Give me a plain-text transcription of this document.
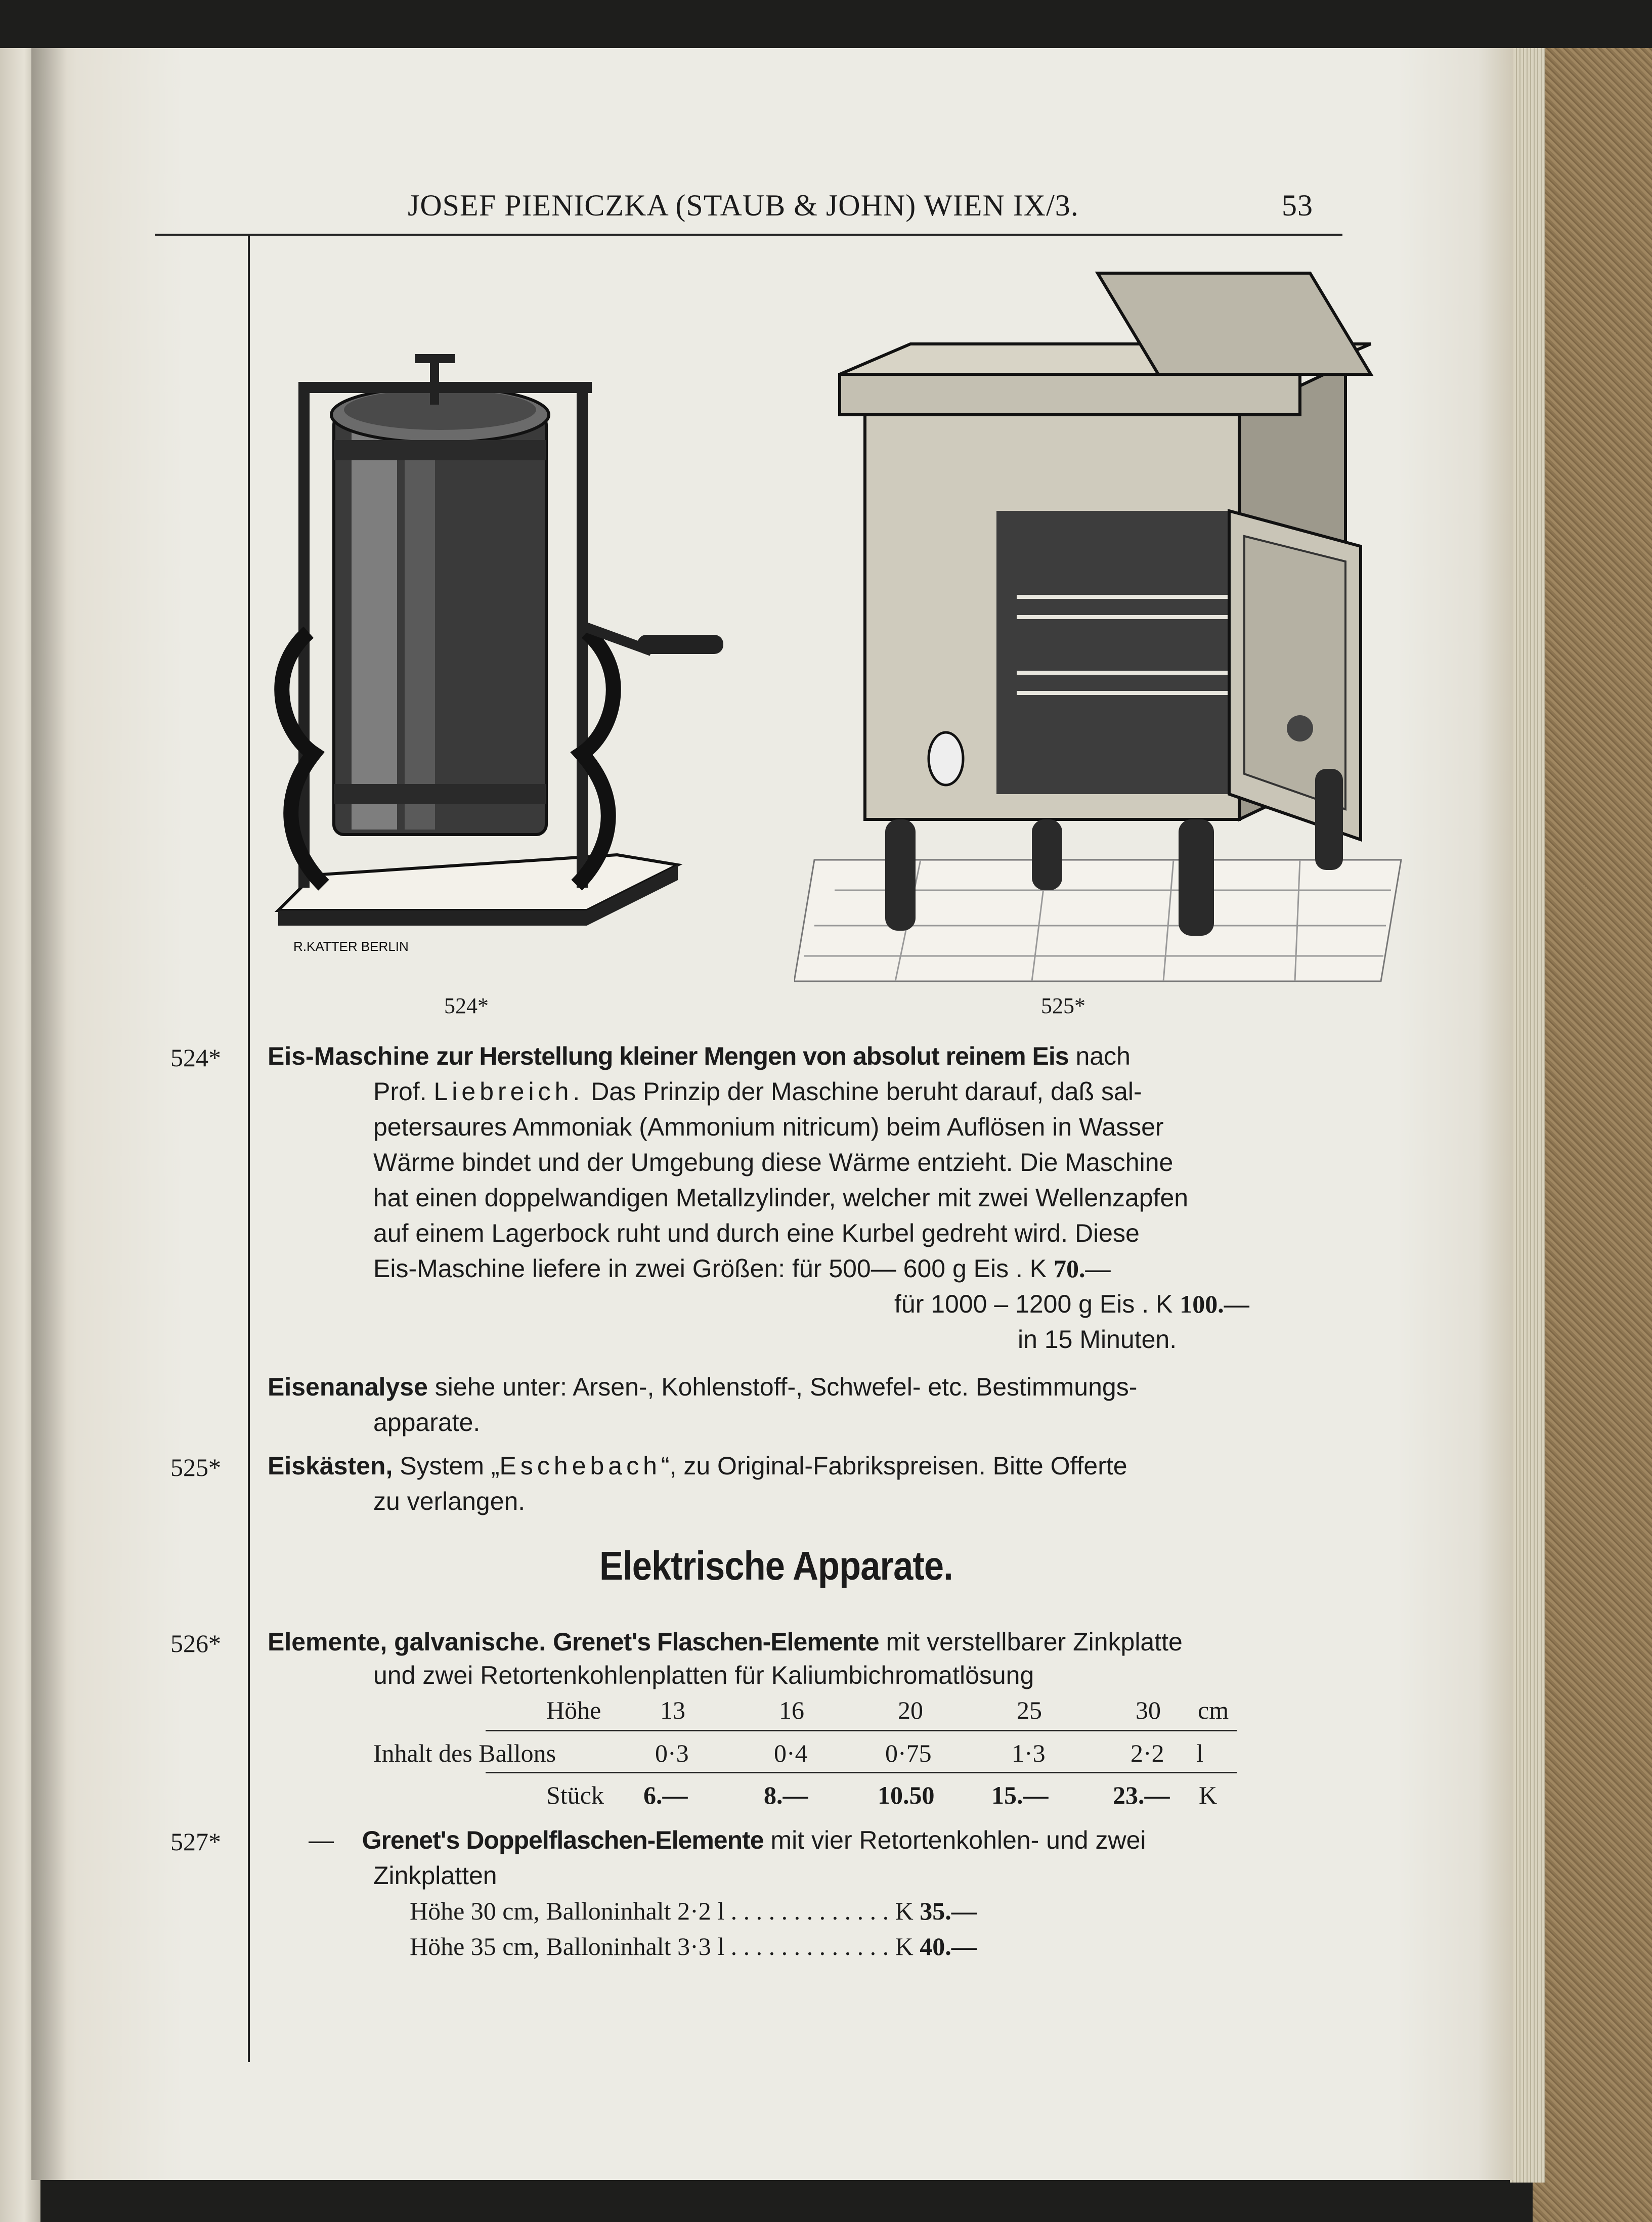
JOSEF PIENICZKA (STAUB & JOHN) WIEN IX/3.	53
R.KATTER BERLIN
524*	525*
524* Eis-Maschine zur Herstellung kleiner Mengen von absolut reinem Eis nach
Prof. Liebreich. Das Prinzip der Maschine beruht darauf, daß sal-
petersaures Ammoniak (Ammonium nitricum) beim Auflösen in Wasser
Wärme bindet und der Umgebung diese Wärme entzieht. Die Maschine
hat einen doppelwandigen Metallzylinder, welcher mit zwei Wellenzapfen
auf einem Lagerbock ruht und durch eine Kurbel gedreht wird. Diese
Eis-Maschine liefere in zwei Größen: für 500— 600 g Eis . K 70.—
für 1000 – 1200 g Eis . K 100.—
in 15 Minuten.
Eisenanalyse siehe unter: Arsen-, Kohlenstoff-, Schwefel- etc. Bestimmungs-
apparate.
525* Eiskästen, System „Eschebach“, zu Original-Fabrikspreisen. Bitte Offerte
zu verlangen.
Elektrische Apparate.
526* Elemente, galvanische. Grenet's Flaschen-Elemente mit verstellbarer Zinkplatte
und zwei Retortenkohlenplatten für Kaliumbichromatlösung
Höhe 13	16	20	25	30 cm
Inhalt des Ballons	0·3	0·4	0·75	1·3	2·2 l
Stück 6.—	8.—	10.50 15.—	23.— K
527*	— Grenet's Doppelflaschen-Elemente mit vier Retortenkohlen- und zwei
Zinkplatten
Höhe 30 cm, Balloninhalt 2·2 l . . . . . . . . . . . . . K 35.—
Höhe 35 cm, Balloninhalt 3·3 l . . . . . . . . . . . . . K 40.—
